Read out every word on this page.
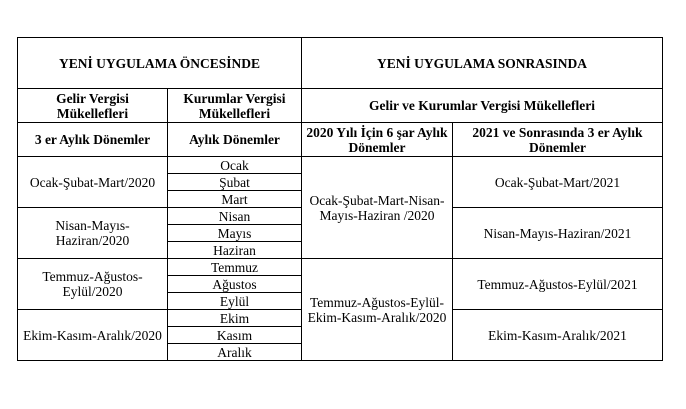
YENİ UYGULAMA ÖNCESİNDE		YENİ UYGULAMA SONRASINDA	
Gelir Vergisi Mükellefleri	Kurumlar Vergisi Mükellefleri	Gelir ve Kurumlar Vergisi Mükellefleri	
3 er Aylık Dönemler	Aylık Dönemler	2020 Yılı İçin 6 şar Aylık Dönemler	2021 ve Sonrasında 3 er Aylık Dönemler
Ocak-Şubat-Mart/2020	Ocak	Ocak-Şubat-Mart-Nisan-Mayıs-Haziran /2020	Ocak-Şubat-Mart/2021
	Şubat		
	Mart		
Nisan-Mayıs-Haziran/2020	Nisan		Nisan-Mayıs-Haziran/2021
	Mayıs		
	Haziran		
Temmuz-Ağustos-Eylül/2020	Temmuz	Temmuz-Ağustos-Eylül-Ekim-Kasım-Aralık/2020	Temmuz-Ağustos-Eylül/2021
	Ağustos		
	Eylül		
Ekim-Kasım-Aralık/2020	Ekim		Ekim-Kasım-Aralık/2021
	Kasım		
	Aralık		
